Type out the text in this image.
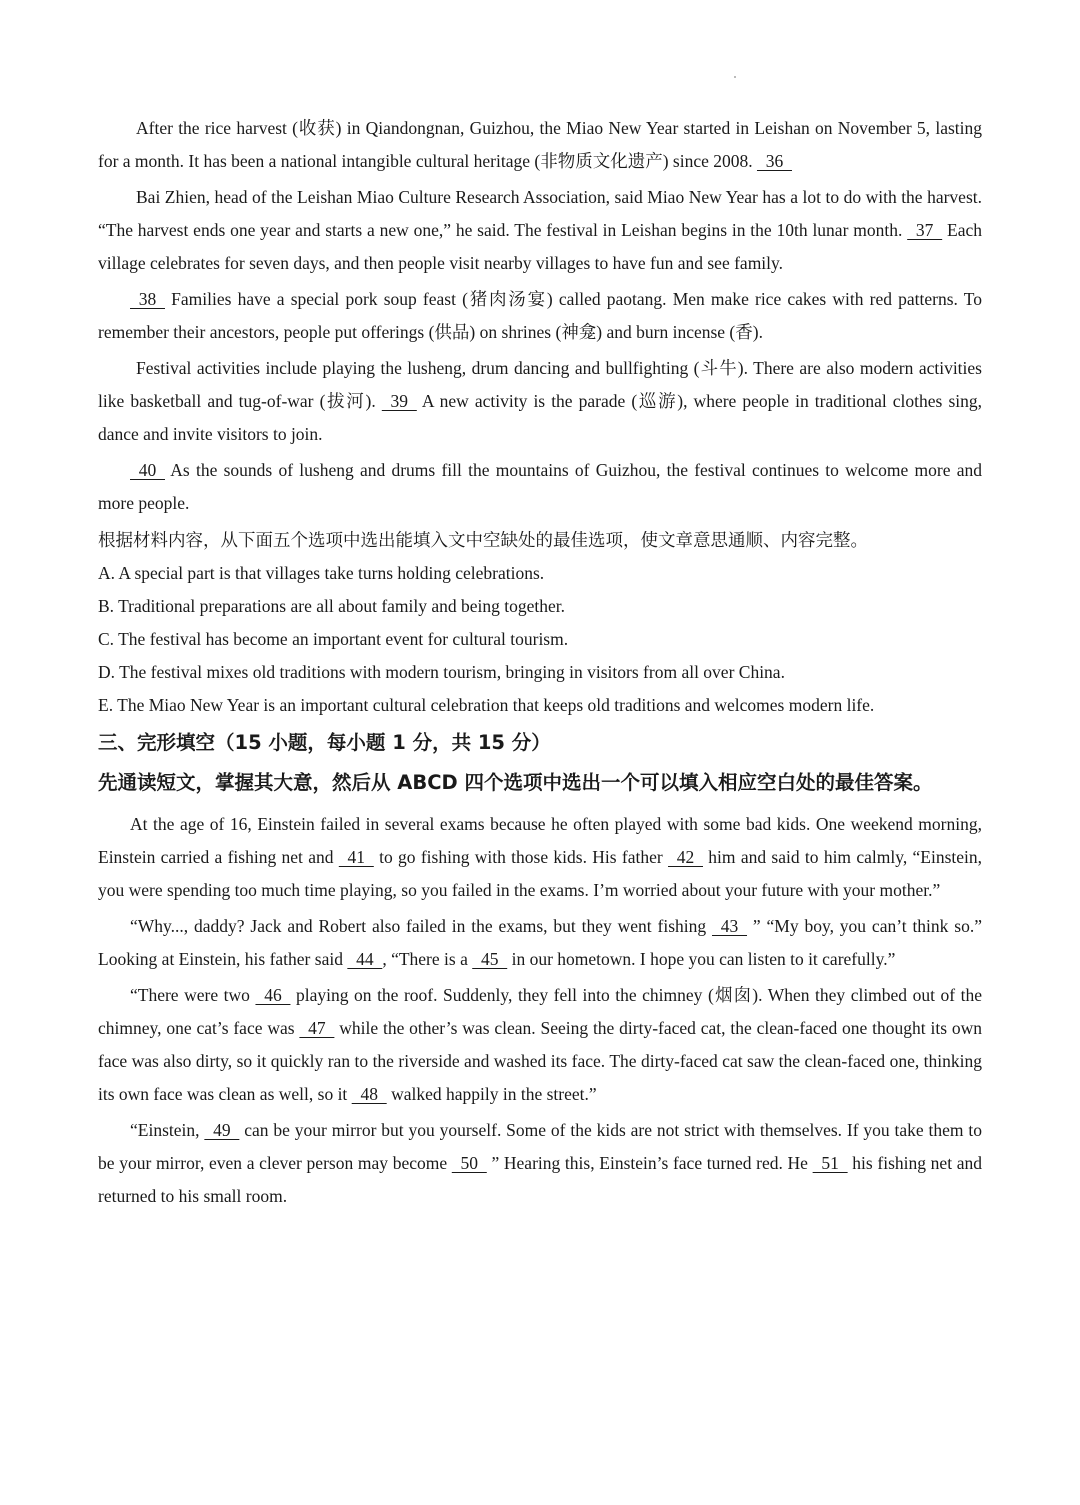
After the rice harvest (收获) in Qiandongnan, Guizhou, the Miao New Year started in Leishan on November 5, lasting for a month. It has been a national intangible cultural heritage (非物质文化遗产) since 2008.   36

Bai Zhien, head of the Leishan Miao Culture Research Association, said Miao New Year has a lot to do with the harvest. “The harvest ends one year and starts a new one,” he said. The festival in Leishan begins in the 10th lunar month.   37   Each village celebrates for seven days, and then people visit nearby villages to have fun and see family.

38   Families have a special pork soup feast (猪肉汤宴) called paotang. Men make rice cakes with red patterns. To remember their ancestors, people put offerings (供品) on shrines (神龛) and burn incense (香).

Festival activities include playing the lusheng, drum dancing and bullfighting (斗牛). There are also modern activities like basketball and tug-of-war (拔河).   39   A new activity is the parade (巡游), where people in traditional clothes sing, dance and invite visitors to join.

40   As the sounds of lusheng and drums fill the mountains of Guizhou, the festival continues to welcome more and more people.

根据材料内容，从下面五个选项中选出能填入文中空缺处的最佳选项，使文章意思通顺、内容完整。

A. A special part is that villages take turns holding celebrations.

B. Traditional preparations are all about family and being together.

C. The festival has become an important event for cultural tourism.

D. The festival mixes old traditions with modern tourism, bringing in visitors from all over China.

E. The Miao New Year is an important cultural celebration that keeps old traditions and welcomes modern life.

三、完形填空（15 小题，每小题 1 分，共 15 分）

先通读短文，掌握其大意，然后从 ABCD 四个选项中选出一个可以填入相应空白处的最佳答案。

At the age of 16, Einstein failed in several exams because he often played with some bad kids. One weekend morning, Einstein carried a fishing net and   41   to go fishing with those kids. His father   42   him and said to him calmly, “Einstein, you were spending too much time playing, so you failed in the exams. I’m worried about your future with your mother.”

“Why..., daddy? Jack and Robert also failed in the exams, but they went fishing   43   ” “My boy, you can’t think so.” Looking at Einstein, his father said   44  , “There is a   45   in our hometown. I hope you can listen to it carefully.”

“There were two   46   playing on the roof. Suddenly, they fell into the chimney (烟囱). When they climbed out of the chimney, one cat’s face was   47   while the other’s was clean. Seeing the dirty-faced cat, the clean-faced one thought its own face was also dirty, so it quickly ran to the riverside and washed its face. The dirty-faced cat saw the clean-faced one, thinking its own face was clean as well, so it   48   walked happily in the street.”

“Einstein,   49   can be your mirror but you yourself. Some of the kids are not strict with themselves. If you take them to be your mirror, even a clever person may become   50   ” Hearing this, Einstein’s face turned red. He   51   his fishing net and returned to his small room.
